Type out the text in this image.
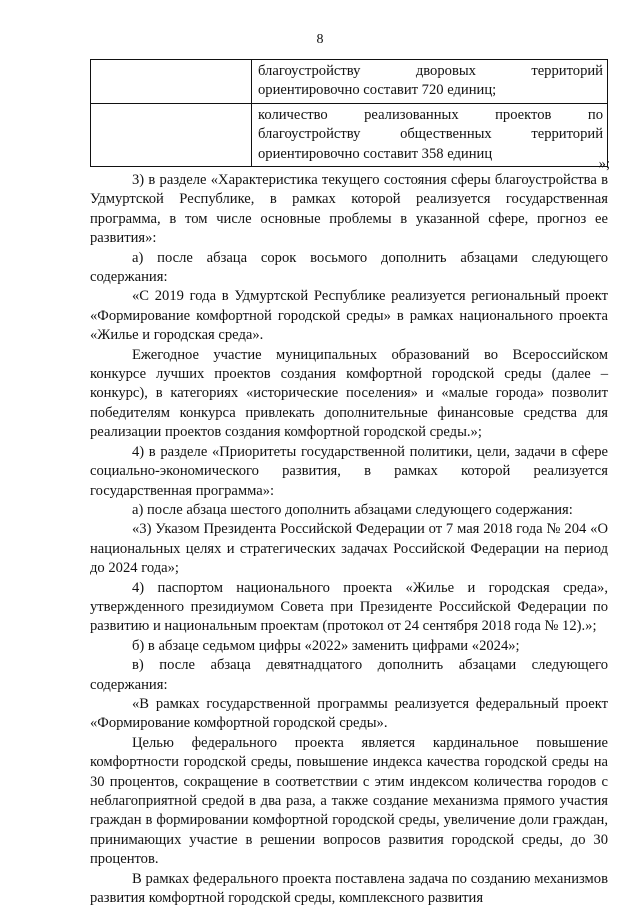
8

	благоустройству дворовых территорий
ориентировочно составит 720 единиц;

	количество реализованных проектов по
благоустройству общественных территорий
ориентировочно составит 358 единиц
»;

3) в разделе «Характеристика текущего состояния сферы благоустройства в Удмуртской Республике, в рамках которой реализуется государственная программа, в том числе основные проблемы в указанной сфере, прогноз ее развития»:

а) после абзаца сорок восьмого дополнить абзацами следующего содержания:

«С 2019 года в Удмуртской Республике реализуется региональный проект «Формирование комфортной городской среды» в рамках национального проекта «Жилье и городская среда».

Ежегодное участие муниципальных образований во Всероссийском конкурсе лучших проектов создания комфортной городской среды (далее – конкурс), в категориях «исторические поселения» и «малые города» позволит победителям конкурса привлекать дополнительные финансовые средства для реализации проектов создания комфортной городской среды.»;

4) в разделе «Приоритеты государственной политики, цели, задачи в сфере социально-экономического развития, в рамках которой реализуется государственная программа»:

а) после абзаца шестого дополнить абзацами следующего содержания:

«3) Указом Президента Российской Федерации от 7 мая 2018 года № 204 «О национальных целях и стратегических задачах Российской Федерации на период до 2024 года»;

4) паспортом национального проекта «Жилье и городская среда», утвержденного президиумом Совета при Президенте Российской Федерации по развитию и национальным проектам (протокол от 24 сентября 2018 года № 12).»;

б) в абзаце седьмом цифры «2022» заменить цифрами «2024»;

в) после абзаца девятнадцатого дополнить абзацами следующего содержания:

«В рамках государственной программы реализуется федеральный проект «Формирование комфортной городской среды».

Целью федерального проекта является кардинальное повышение комфортности городской среды, повышение индекса качества городской среды на 30 процентов, сокращение в соответствии с этим индексом количества городов с неблагоприятной средой в два раза, а также создание механизма прямого участия граждан в формировании комфортной городской среды, увеличение доли граждан, принимающих участие в решении вопросов развития городской среды, до 30 процентов.

В рамках федерального проекта поставлена задача по созданию механизмов развития комфортной городской среды, комплексного развития
